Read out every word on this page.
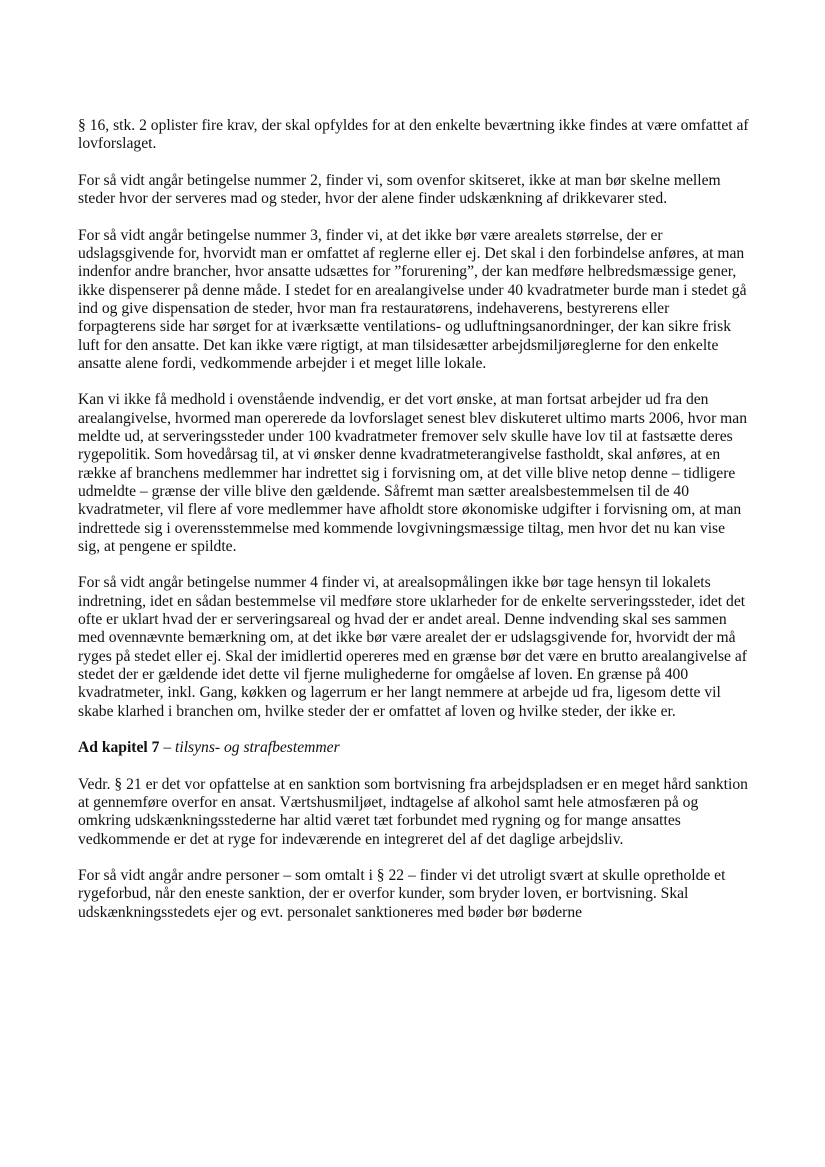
§ 16, stk. 2 oplister fire krav, der skal opfyldes for at den enkelte beværtning ikke findes at være omfattet af lovforslaget.

For så vidt angår betingelse nummer 2, finder vi, som ovenfor skitseret, ikke at man bør skelne mellem steder hvor der serveres mad og steder, hvor der alene finder udskænkning af drikkevarer sted.

For så vidt angår betingelse nummer 3, finder vi, at det ikke bør være arealets størrelse, der er udslagsgivende for, hvorvidt man er omfattet af reglerne eller ej. Det skal i den forbindelse anføres, at man indenfor andre brancher, hvor ansatte udsættes for ”forurening”, der kan medføre helbredsmæssige gener, ikke dispenserer på denne måde. I stedet for en arealangivelse under 40 kvadratmeter burde man i stedet gå ind og give dispensation de steder, hvor man fra restauratørens, indehaverens, bestyrerens eller forpagterens side har sørget for at iværksætte ventilations- og udluftningsanordninger, der kan sikre frisk luft for den ansatte. Det kan ikke være rigtigt, at man tilsidesætter arbejdsmiljøreglerne for den enkelte ansatte alene fordi, vedkommende arbejder i et meget lille lokale.

Kan vi ikke få medhold i ovenstående indvendig, er det vort ønske, at man fortsat arbejder ud fra den arealangivelse, hvormed man opererede da lovforslaget senest blev diskuteret ultimo marts 2006, hvor man meldte ud, at serveringssteder under 100 kvadratmeter fremover selv skulle have lov til at fastsætte deres rygepolitik. Som hovedårsag til, at vi ønsker denne kvadratmeterangivelse fastholdt, skal anføres, at en række af branchens medlemmer har indrettet sig i forvisning om, at det ville blive netop denne – tidligere udmeldte – grænse der ville blive den gældende. Såfremt man sætter arealsbestemmelsen til de 40 kvadratmeter, vil flere af vore medlemmer have afholdt store økonomiske udgifter i forvisning om, at man indrettede sig i overensstemmelse med kommende lovgivningsmæssige tiltag, men hvor det nu kan vise sig, at pengene er spildte.

For så vidt angår betingelse nummer 4 finder vi, at arealsopmålingen ikke bør tage hensyn til lokalets indretning, idet en sådan bestemmelse vil medføre store uklarheder for de enkelte serveringssteder, idet det ofte er uklart hvad der er serveringsareal og hvad der er andet areal. Denne indvending skal ses sammen med ovennævnte bemærkning om, at det ikke bør være arealet der er udslagsgivende for, hvorvidt der må ryges på stedet eller ej. Skal der imidlertid opereres med en grænse bør det være en brutto arealangivelse af stedet der er gældende idet dette vil fjerne mulighederne for omgåelse af loven. En grænse på 400 kvadratmeter, inkl. Gang, køkken og lagerrum er her langt nemmere at arbejde ud fra, ligesom dette vil skabe klarhed i branchen om, hvilke steder der er omfattet af loven og hvilke steder, der ikke er.

Ad kapitel 7 – tilsyns- og strafbestemmer

Vedr. § 21 er det vor opfattelse at en sanktion som bortvisning fra arbejdspladsen er en meget hård sanktion at gennemføre overfor en ansat. Værtshusmiljøet, indtagelse af alkohol samt hele atmosfæren på og omkring udskænkningsstederne har altid været tæt forbundet med rygning og for mange ansattes vedkommende er det at ryge for indeværende en integreret del af det daglige arbejdsliv.

For så vidt angår andre personer – som omtalt i § 22 – finder vi det utroligt svært at skulle opretholde et rygeforbud, når den eneste sanktion, der er overfor kunder, som bryder loven, er bortvisning. Skal udskænkningsstedets ejer og evt. personalet sanktioneres med bøder bør bøderne
